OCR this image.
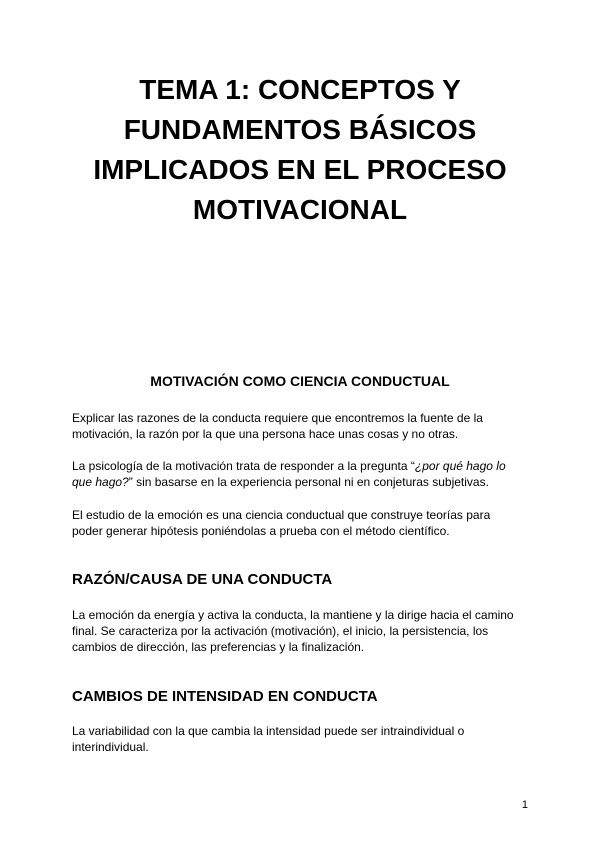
TEMA 1: CONCEPTOS Y
FUNDAMENTOS BÁSICOS
IMPLICADOS EN EL PROCESO
MOTIVACIONAL
MOTIVACIÓN COMO CIENCIA CONDUCTUAL

Explicar las razones de la conducta requiere que encontremos la fuente de la
motivación, la razón por la que una persona hace unas cosas y no otras.

La psicología de la motivación trata de responder a la pregunta “¿por qué hago lo
que hago?” sin basarse en la experiencia personal ni en conjeturas subjetivas.

El estudio de la emoción es una ciencia conductual que construye teorías para
poder generar hipótesis poniéndolas a prueba con el método científico.

RAZÓN/CAUSA DE UNA CONDUCTA

La emoción da energía y activa la conducta, la mantiene y la dirige hacia el camino
final. Se caracteriza por la activación (motivación), el inicio, la persistencia, los
cambios de dirección, las preferencias y la finalización.

CAMBIOS DE INTENSIDAD EN CONDUCTA

La variabilidad con la que cambia la intensidad puede ser intraindividual o
interindividual.

1
